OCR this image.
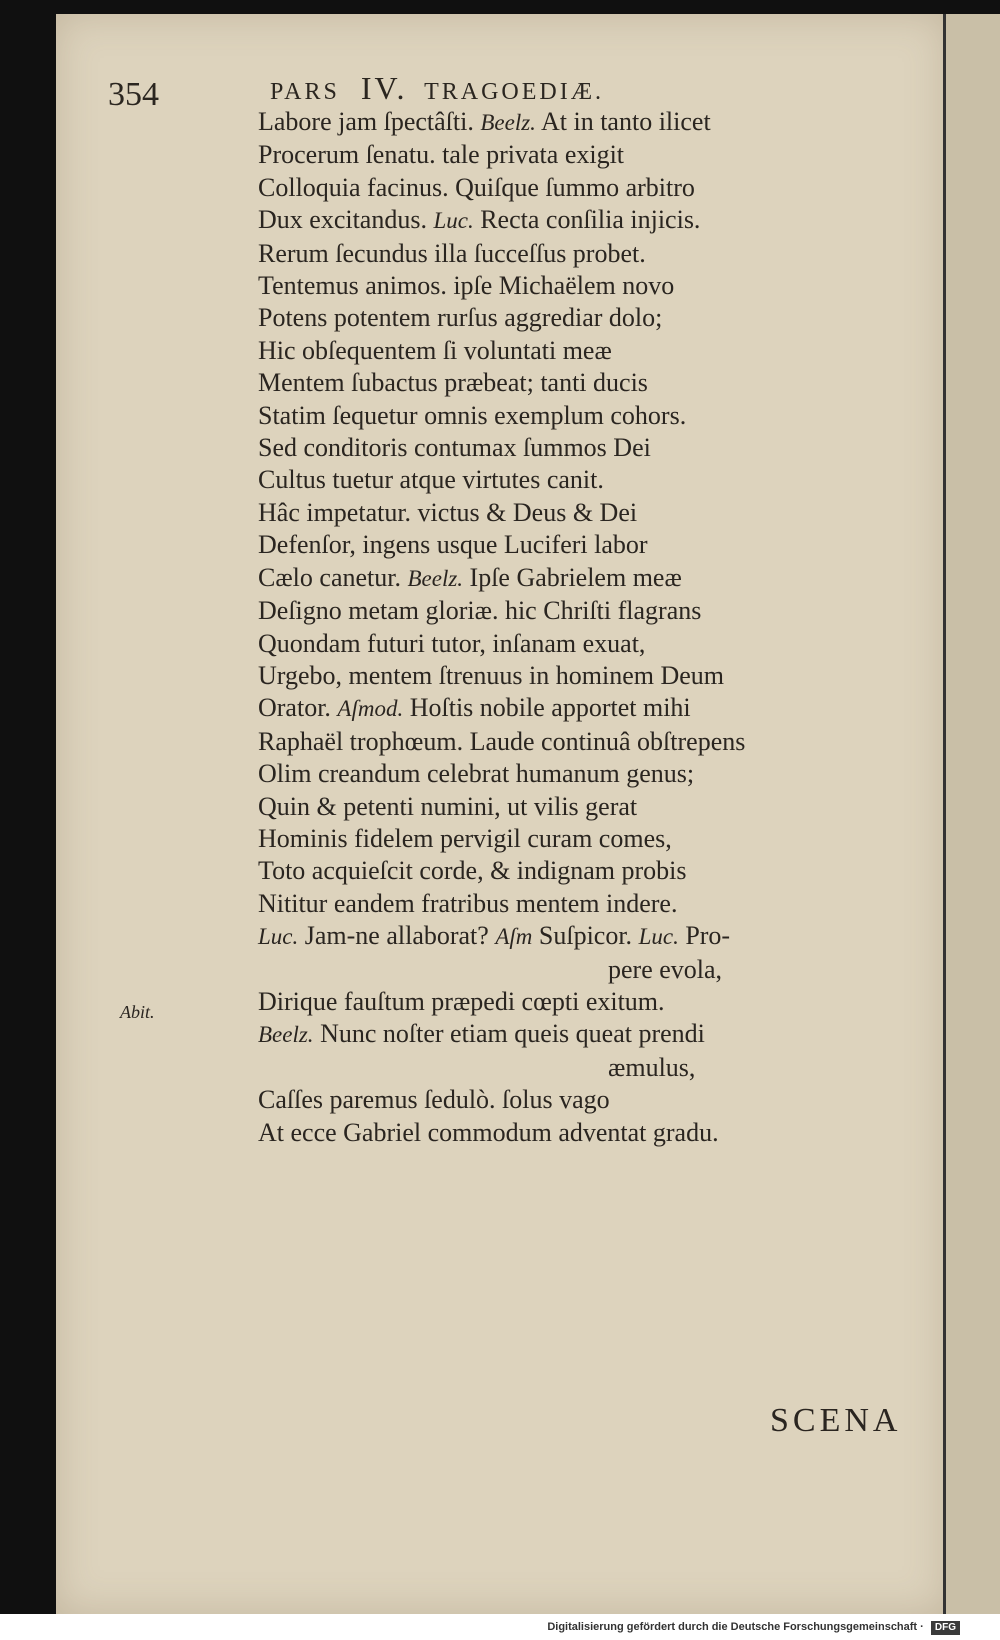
354	PARS IV. TRAGOEDIÆ.
Abit.
Labore jam ſpectâſti. Beelz. At in tanto ilicet
Procerum ſenatu. tale privata exigit
Colloquia facinus. Quiſque ſummo arbitro
Dux excitandus. Luc. Recta conſilia injicis.
Rerum ſecundus illa ſucceſſus probet.
Tentemus animos. ipſe Michaëlem novo
Potens potentem rurſus aggrediar dolo;
Hic obſequentem ſi voluntati meæ
Mentem ſubactus præbeat; tanti ducis
Statim ſequetur omnis exemplum cohors.
Sed conditoris contumax ſummos Dei
Cultus tuetur atque virtutes canit.
Hâc impetatur. victus & Deus & Dei
Defenſor, ingens usque Luciferi labor
Cælo canetur. Beelz. Ipſe Gabrielem meæ
Deſigno metam gloriæ. hic Chriſti flagrans
Quondam futuri tutor, inſanam exuat,
Urgebo, mentem ſtrenuus in hominem Deum
Orator. Aſmod. Hoſtis nobile apportet mihi
Raphaël trophœum. Laude continuâ obſtrepens
Olim creandum celebrat humanum genus;
Quin & petenti numini, ut vilis gerat
Hominis fidelem pervigil curam comes,
Toto acquieſcit corde, & indignam probis
Nititur eandem fratribus mentem indere.
Luc. Jam-ne allaborat? Aſm Suſpicor. Luc. Pro-
pere evola,
Dirique fauſtum præpedi cœpti exitum.
Beelz. Nunc noſter etiam queis queat prendi
æmulus,
Caſſes paremus ſedulò. ſolus vago
At ecce Gabriel commodum adventat gradu.
SCENA
Digitalisierung gefördert durch die Deutsche Forschungsgemeinschaft · DFG
